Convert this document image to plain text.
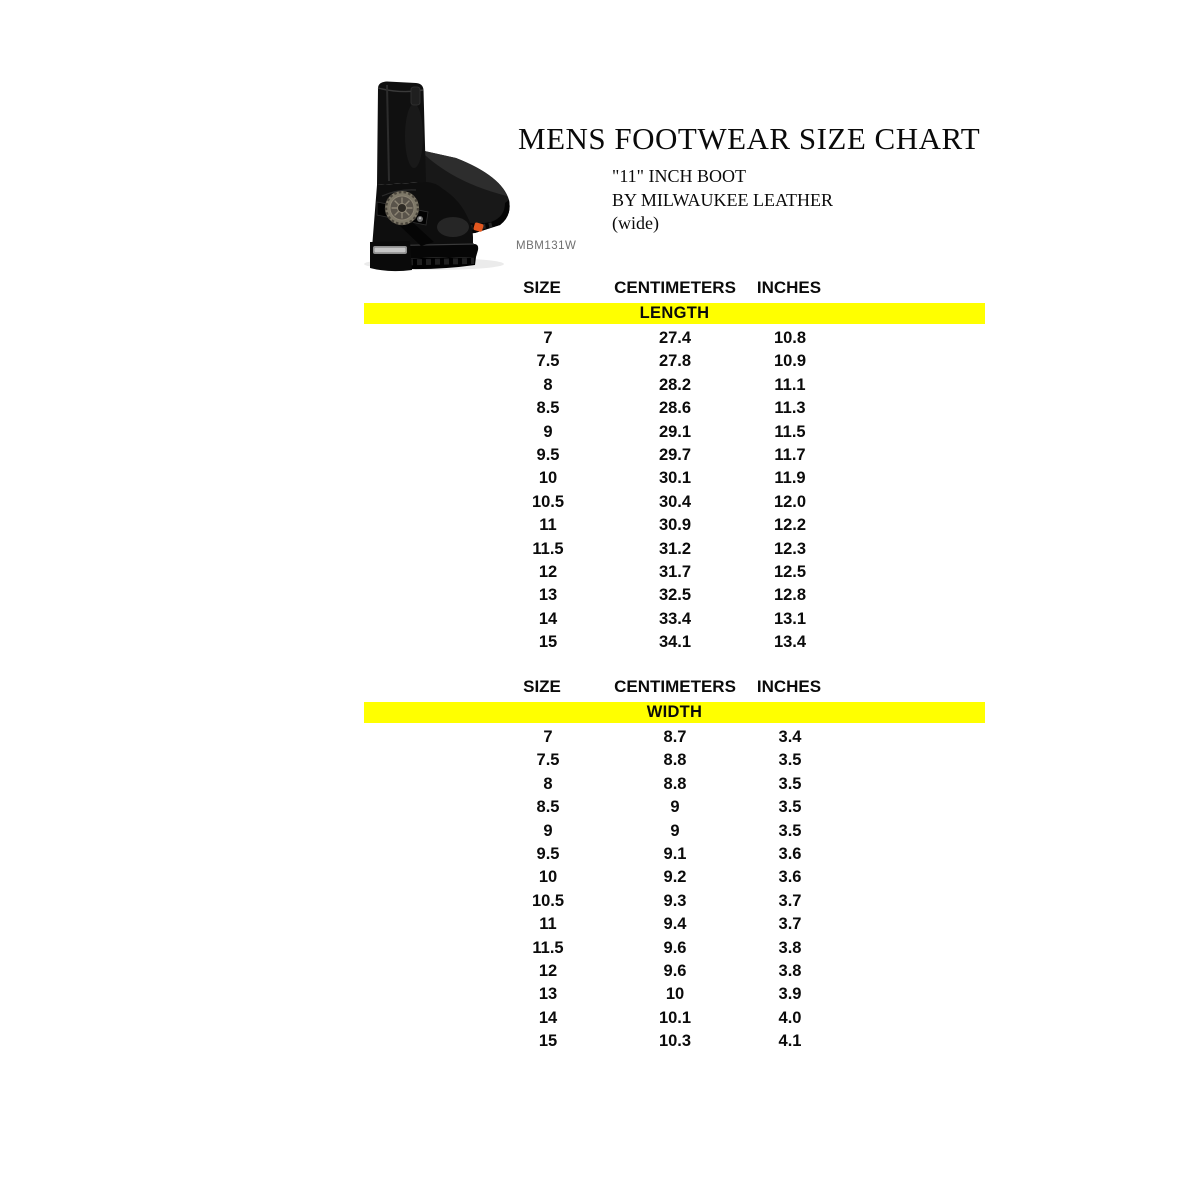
MBM131W
MENS FOOTWEAR SIZE CHART
"11" INCH BOOT
BY MILWAUKEE LEATHER
(wide)
SIZE	CENTIMETERS INCHES
LENGTH
7	27.4	10.8
7.5	27.8	10.9
8	28.2	11.1
8.5	28.6	11.3
9	29.1	11.5
9.5	29.7	11.7
10	30.1	11.9
10.5	30.4	12.0
11	30.9	12.2
11.5	31.2	12.3
12	31.7	12.5
13	32.5	12.8
14	33.4	13.1
15	34.1	13.4
SIZE	CENTIMETERS INCHES
WIDTH
7	8.7	3.4
7.5	8.8	3.5
8	8.8	3.5
8.5	9	3.5
9	9	3.5
9.5	9.1	3.6
10	9.2	3.6
10.5	9.3	3.7
11	9.4	3.7
11.5	9.6	3.8
12	9.6	3.8
13	10	3.9
14	10.1	4.0
15	10.3	4.1
